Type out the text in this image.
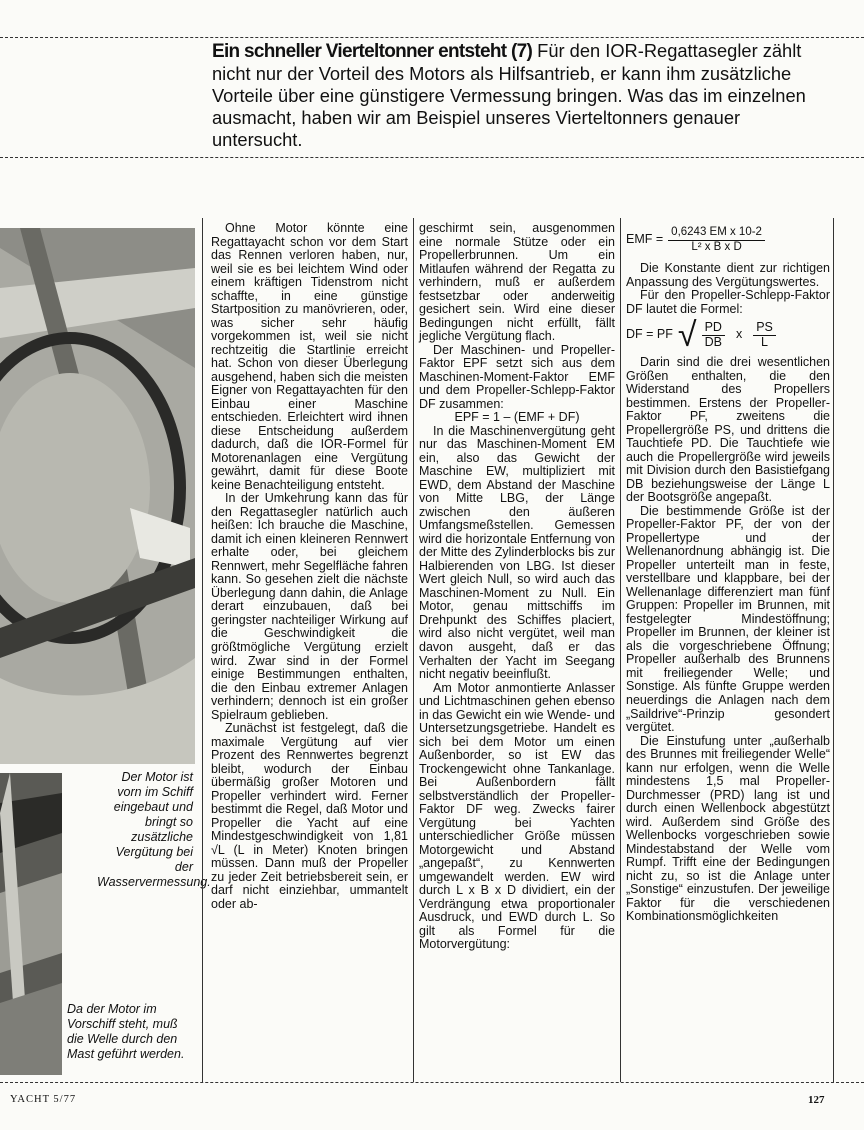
Ein schneller Vierteltonner entsteht (7) Für den IOR-Regattasegler zählt nicht nur der Vorteil des Motors als Hilfsantrieb, er kann ihm zusätzliche Vorteile über eine günstigere Vermessung bringen. Was das im einzelnen ausmacht, haben wir am Beispiel unseres Vierteltonners genauer untersucht.
Der Motor ist vorn im Schiff eingebaut und bringt so zusätzliche Vergütung bei der Wasservermessung.
Da der Motor im Vorschiff steht, muß die Welle durch den Mast geführt werden.

Ohne Motor könnte eine Regattayacht schon vor dem Start das Rennen verloren haben, nur, weil sie es bei leichtem Wind oder einem kräftigen Tidenstrom nicht schaffte, in eine günstige Startposition zu manövrieren, oder, was sicher sehr häufig vorgekommen ist, weil sie nicht rechtzeitig die Startlinie erreicht hat. Schon von dieser Überlegung ausgehend, haben sich die meisten Eigner von Regattayachten für den Einbau einer Maschine entschieden. Erleichtert wird ihnen diese Entscheidung außerdem dadurch, daß die IOR-Formel für Motorenanlagen eine Vergütung gewährt, damit für diese Boote keine Benachteiligung entsteht.

In der Umkehrung kann das für den Regattasegler natürlich auch heißen: Ich brauche die Maschine, damit ich einen kleineren Rennwert erhalte oder, bei gleichem Rennwert, mehr Segelfläche fahren kann. So gesehen zielt die nächste Überlegung dann dahin, die Anlage derart einzubauen, daß bei geringster nachteiliger Wirkung auf die Geschwindigkeit die größtmögliche Vergütung erzielt wird. Zwar sind in der Formel einige Bestimmungen enthalten, die den Einbau extremer Anlagen verhindern; dennoch ist ein großer Spielraum geblieben.

Zunächst ist festgelegt, daß die maximale Vergütung auf vier Prozent des Rennwertes begrenzt bleibt, wodurch der Einbau übermäßig großer Motoren und Propeller verhindert wird. Ferner bestimmt die Regel, daß Motor und Propeller die Yacht auf eine Mindestgeschwindigkeit von 1,81 √L (L in Meter) Knoten bringen müssen. Dann muß der Propeller zu jeder Zeit betriebsbereit sein, er darf nicht einziehbar, ummantelt oder ab-

geschirmt sein, ausgenommen eine normale Stütze oder ein Propellerbrunnen. Um ein Mitlaufen während der Regatta zu verhindern, muß er außerdem festsetzbar oder anderweitig gesichert sein. Wird eine dieser Bedingungen nicht erfüllt, fällt jegliche Vergütung flach.

Der Maschinen- und Propeller-Faktor EPF setzt sich aus dem Maschinen-Moment-Faktor EMF und dem Propeller-Schlepp-Faktor DF zusammen:

EPF = 1 – (EMF + DF)

In die Maschinenvergütung geht nur das Maschinen-Moment EM ein, also das Gewicht der Maschine EW, multipliziert mit EWD, dem Abstand der Maschine von Mitte LBG, der Länge zwischen den äußeren Umfangsmeßstellen. Gemessen wird die horizontale Entfernung von der Mitte des Zylinderblocks bis zur Halbierenden von LBG. Ist dieser Wert gleich Null, so wird auch das Maschinen-Moment zu Null. Ein Motor, genau mittschiffs im Drehpunkt des Schiffes placiert, wird also nicht vergütet, weil man davon ausgeht, daß er das Verhalten der Yacht im Seegang nicht negativ beeinflußt.

Am Motor anmontierte Anlasser und Lichtmaschinen gehen ebenso in das Gewicht ein wie Wende- und Untersetzungsgetriebe. Handelt es sich bei dem Motor um einen Außenborder, so ist EW das Trockengewicht ohne Tankanlage. Bei Außenbordern fällt selbstverständlich der Propeller-Faktor DF weg. Zwecks fairer Vergütung bei Yachten unterschiedlicher Größe müssen Motorgewicht und Abstand „angepaßt“, zu Kennwerten umgewandelt werden. EW wird durch L x B x D dividiert, ein der Verdrängung etwa proportionaler Ausdruck, und EWD durch L. So gilt als Formel für die Motorvergütung:

EMF = $\frac{\text{0,6243 EM x 10-2}}{\text{L² x B x D}}$

Die Konstante dient zur richtigen Anpassung des Vergütungswertes.

Für den Propeller-Schlepp-Faktor DF lautet die Formel:

DF = PF √ $\frac{PD}{DB}$ x $\frac{PS}{L}$

Darin sind die drei wesentlichen Größen enthalten, die den Widerstand des Propellers bestimmen. Erstens der Propeller-Faktor PF, zweitens die Propellergröße PS, und drittens die Tauchtiefe PD. Die Tauchtiefe wie auch die Propellergröße wird jeweils mit Division durch den Basistiefgang DB beziehungsweise der Länge L der Bootsgröße angepaßt.

Die bestimmende Größe ist der Propeller-Faktor PF, der von der Propellertype und der Wellenanordnung abhängig ist. Die Propeller unterteilt man in feste, verstellbare und klappbare, bei der Wellenanlage differenziert man fünf Gruppen: Propeller im Brunnen, mit festgelegter Mindestöffnung; Propeller im Brunnen, der kleiner ist als die vorgeschriebene Öffnung; Propeller außerhalb des Brunnens mit freiliegender Welle; und Sonstige. Als fünfte Gruppe werden neuerdings die Anlagen nach dem „Saildrive“-Prinzip gesondert vergütet.

Die Einstufung unter „außerhalb des Brunnes mit freiliegender Welle“ kann nur erfolgen, wenn die Welle mindestens 1,5 mal Propeller-Durchmesser (PRD) lang ist und durch einen Wellenbock abgestützt wird. Außerdem sind Größe des Wellenbocks vorgeschrieben sowie Mindestabstand der Welle vom Rumpf. Trifft eine der Bedingungen nicht zu, so ist die Anlage unter „Sonstige“ einzustufen. Der jeweilige Faktor für die verschiedenen Kombinationsmöglichkeiten

YACHT 5/77	127
